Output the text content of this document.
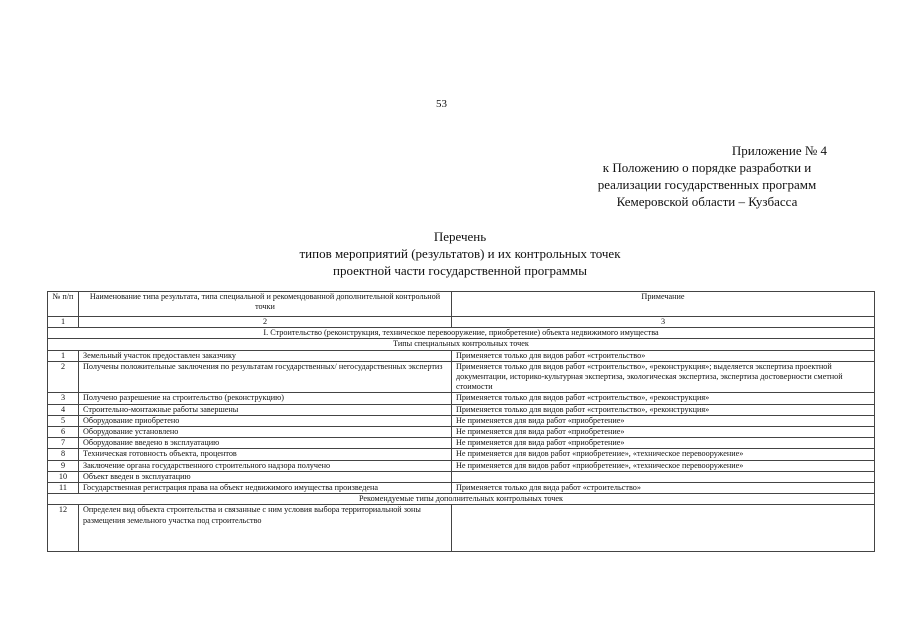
53
Приложение № 4
к Положению о порядке разработки и
реализации государственных программ
Кемеровской области – Кузбасса
Перечень
типов мероприятий (результатов) и их контрольных точек
проектной части государственной программы
№ п/п	Наименование типа результата, типа специальной и рекомендованной дополнительной контрольной точки	Примечание
1	2	3
I. Строительство (реконструкция, техническое перевооружение, приобретение) объекта недвижимого имущества		
Типы специальных контрольных точек		
1	Земельный участок предоставлен заказчику	Применяется только для видов работ «строительство»
2	Получены положительные заключения по результатам государственных/ негосударственных экспертиз	Применяется только для видов работ «строительство», «реконструкция»; выделяется экспертиза проектной документации, историко-культурная экспертиза, экологическая экспертиза, экспертиза достоверности сметной стоимости
3	Получено разрешение на строительство (реконструкцию)	Применяется только для видов работ «строительство», «реконструкция»
4	Строительно-монтажные работы завершены	Применяется только для видов работ «строительство», «реконструкция»
5	Оборудование приобретено	Не применяется для вида работ «приобретение»
6	Оборудование установлено	Не применяется для вида работ «приобретение»
7	Оборудование введено в эксплуатацию	Не применяется для вида работ «приобретение»
8	Техническая готовность объекта, процентов	Не применяется для видов работ «приобретение», «техническое перевооружение»
9	Заключение органа государственного строительного надзора получено	Не применяется для видов работ «приобретение», «техническое перевооружение»
10	Объект введен в эксплуатацию	
11	Государственная регистрация права на объект недвижимого имущества произведена	Применяется только для вида работ «строительство»
Рекомендуемые типы дополнительных контрольных точек		
12	Определен вид объекта строительства и связанные с ним условия выбора территориальной зоны размещения земельного участка под строительство	
